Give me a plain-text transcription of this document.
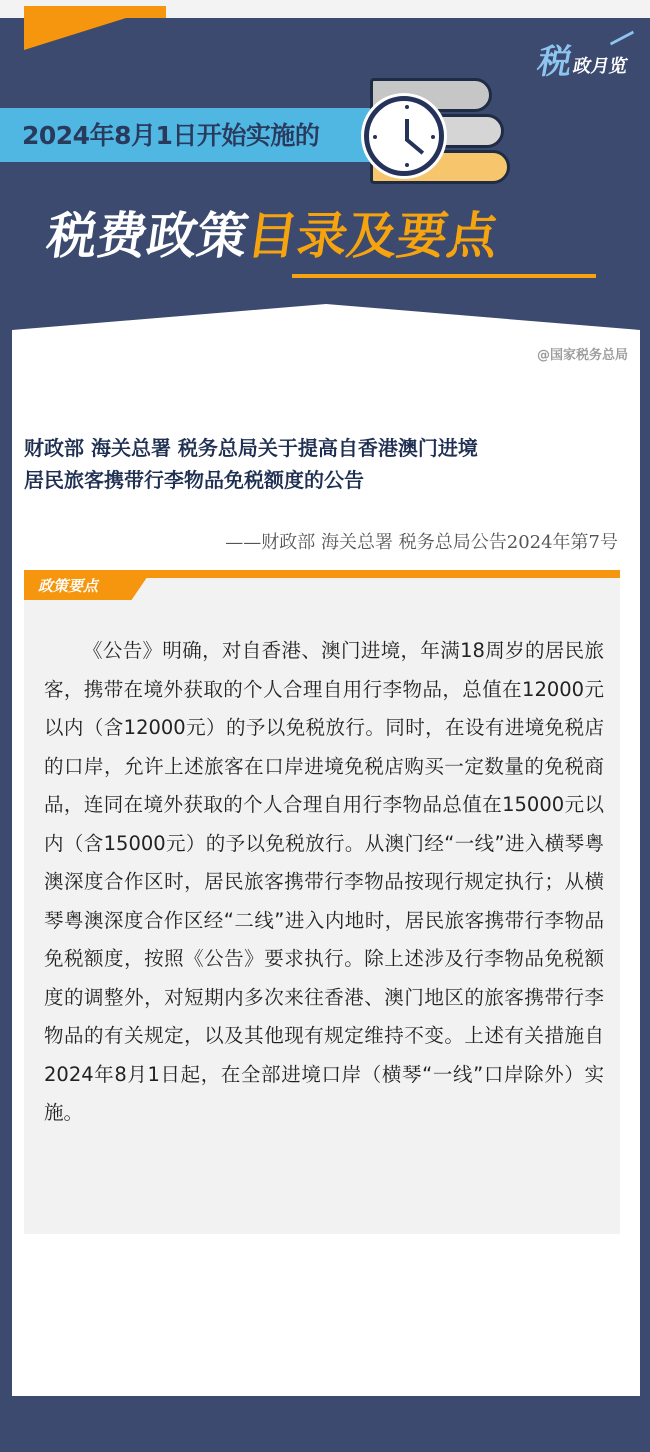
税
政月览
2024年8月1日开始实施的
税费政策
目录及要点
@国家税务总局
财政部 海关总署 税务总局关于提高自香港澳门进境
居民旅客携带行李物品免税额度的公告
——财政部 海关总署 税务总局公告2024年第7号
政策要点

《公告》明确，对自香港、澳门进境，年满18周岁的居民旅客，携带在境外获取的个人合理自用行李物品，总值在12000元以内（含12000元）的予以免税放行。同时，在设有进境免税店的口岸，允许上述旅客在口岸进境免税店购买一定数量的免税商品，连同在境外获取的个人合理自用行李物品总值在15000元以内（含15000元）的予以免税放行。从澳门经“一线”进入横琴粤澳深度合作区时，居民旅客携带行李物品按现行规定执行；从横琴粤澳深度合作区经“二线”进入内地时，居民旅客携带行李物品免税额度，按照《公告》要求执行。除上述涉及行李物品免税额度的调整外，对短期内多次来往香港、澳门地区的旅客携带行李物品的有关规定，以及其他现有规定维持不变。上述有关措施自2024年8月1日起，在全部进境口岸（横琴“一线”口岸除外）实施。
